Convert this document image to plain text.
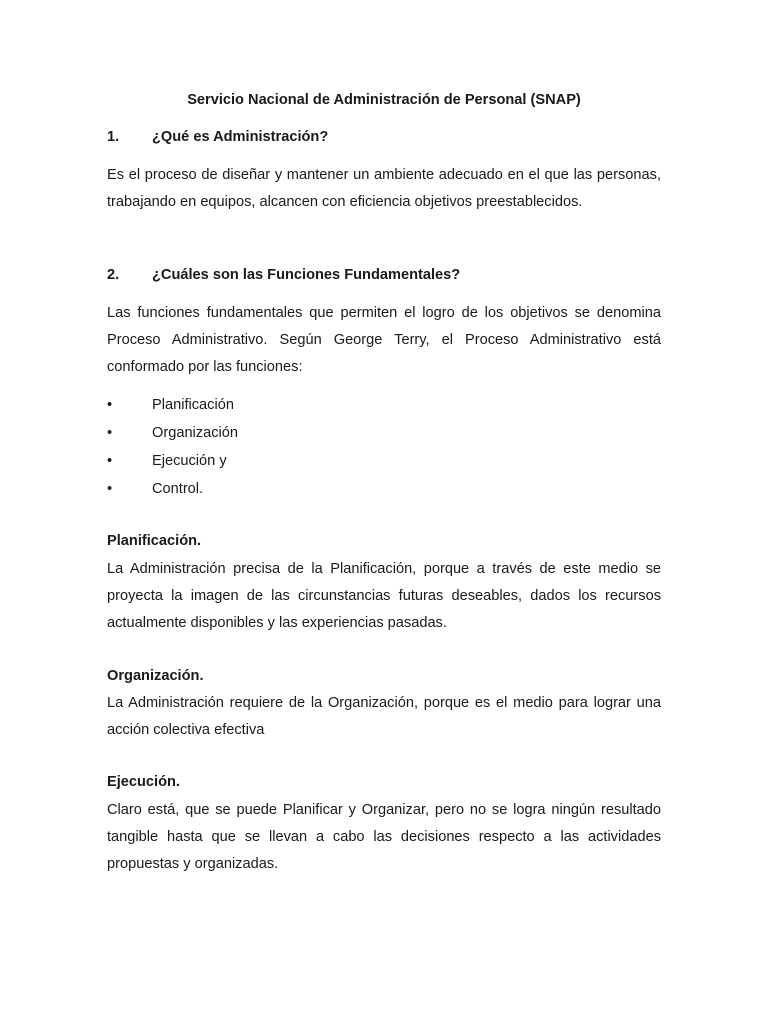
Servicio Nacional de Administración de Personal (SNAP)
1. ¿Qué es Administración?
Es el proceso de diseñar y mantener un ambiente adecuado en el que las personas,
trabajando en equipos, alcancen con eficiencia objetivos preestablecidos.
2. ¿Cuáles son las Funciones Fundamentales?
Las funciones fundamentales que permiten el logro de los objetivos se denomina
Proceso Administrativo. Según George Terry, el Proceso Administrativo está
conformado por las funciones:
•	Planificación
•	Organización
•	Ejecución y
•	Control.
Planificación.
La Administración precisa de la Planificación, porque a través de este medio se
proyecta la imagen de las circunstancias futuras deseables, dados los recursos
actualmente disponibles y las experiencias pasadas.
Organización.
La Administración requiere de la Organización, porque es el medio para lograr una
acción colectiva efectiva
Ejecución.
Claro está, que se puede Planificar y Organizar, pero no se logra ningún resultado
tangible hasta que se llevan a cabo las decisiones respecto a las actividades
propuestas y organizadas.
